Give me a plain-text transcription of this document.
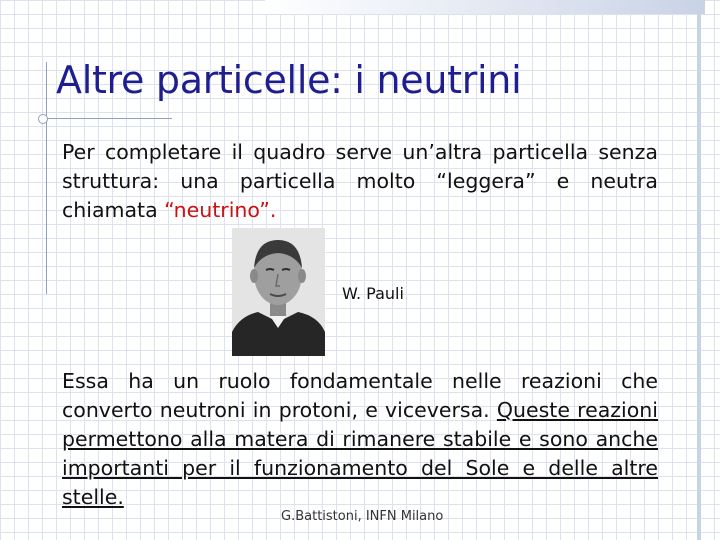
Altre particelle: i neutrini

Per completare il quadro serve un’altra particella senza struttura: una particella molto “leggera” e neutra chiamata “neutrino”.

W. Pauli

Essa ha un ruolo fondamentale nelle reazioni che converto neutroni in protoni, e viceversa. Queste reazioni permettono alla matera di rimanere stabile e sono anche importanti per il funzionamento del Sole e delle altre stelle.

G.Battistoni, INFN Milano
